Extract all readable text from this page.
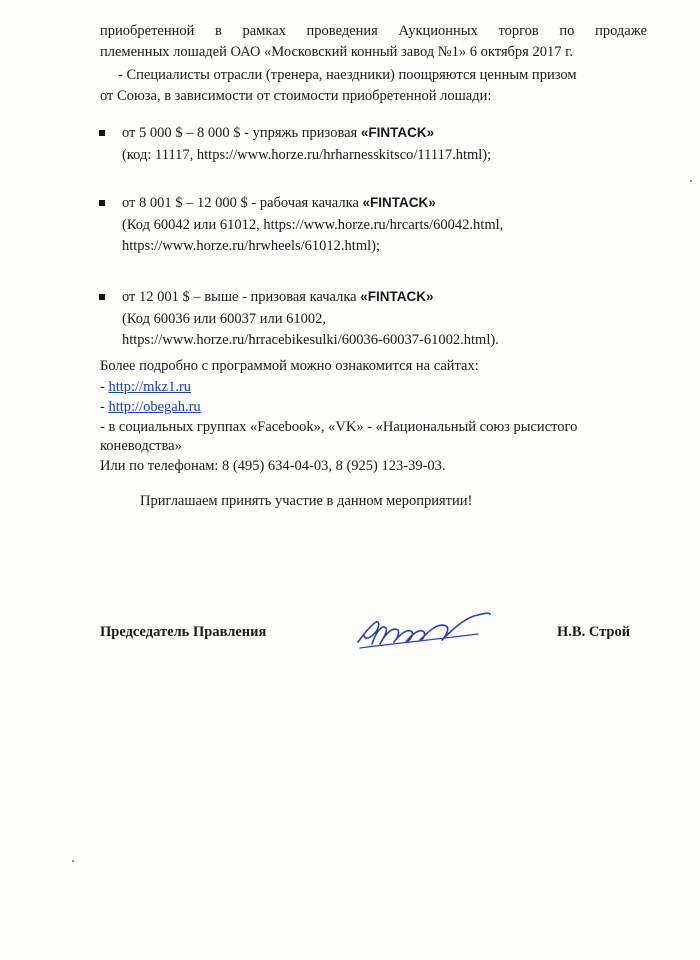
приобретенной в рамках проведения Аукционных торгов по продаже
племенных лошадей ОАО «Московский конный завод №1» 6 октября 2017 г.
- Специалисты отрасли (тренера, наездники) поощряются ценным призом
от Союза, в зависимости от стоимости приобретенной лошади:
от 5 000 $ – 8 000 $ - упряжь призовая «FINTACK»
(код: 11117, https://www.horze.ru/hrharnesskitsco/11117.html);
от 8 001 $ – 12 000 $ - рабочая качалка «FINTACK»
(Код 60042 или 61012, https://www.horze.ru/hrcarts/60042.html,
https://www.horze.ru/hrwheels/61012.html);
от 12 001 $ – выше - призовая качалка «FINTACK»
(Код 60036 или 60037 или 61002,
https://www.horze.ru/hrracebikesulki/60036-60037-61002.html).
Более подробно с программой можно ознакомится на сайтах:
- http://mkz1.ru
- http://obegah.ru
- в социальных группах «Facebook», «VK» - «Национальный союз рысистого
коневодства»
Или по телефонам: 8 (495) 634-04-03, 8 (925) 123-39-03.
Приглашаем принять участие в данном мероприятии!
Председатель Правления	Н.В. Строй
